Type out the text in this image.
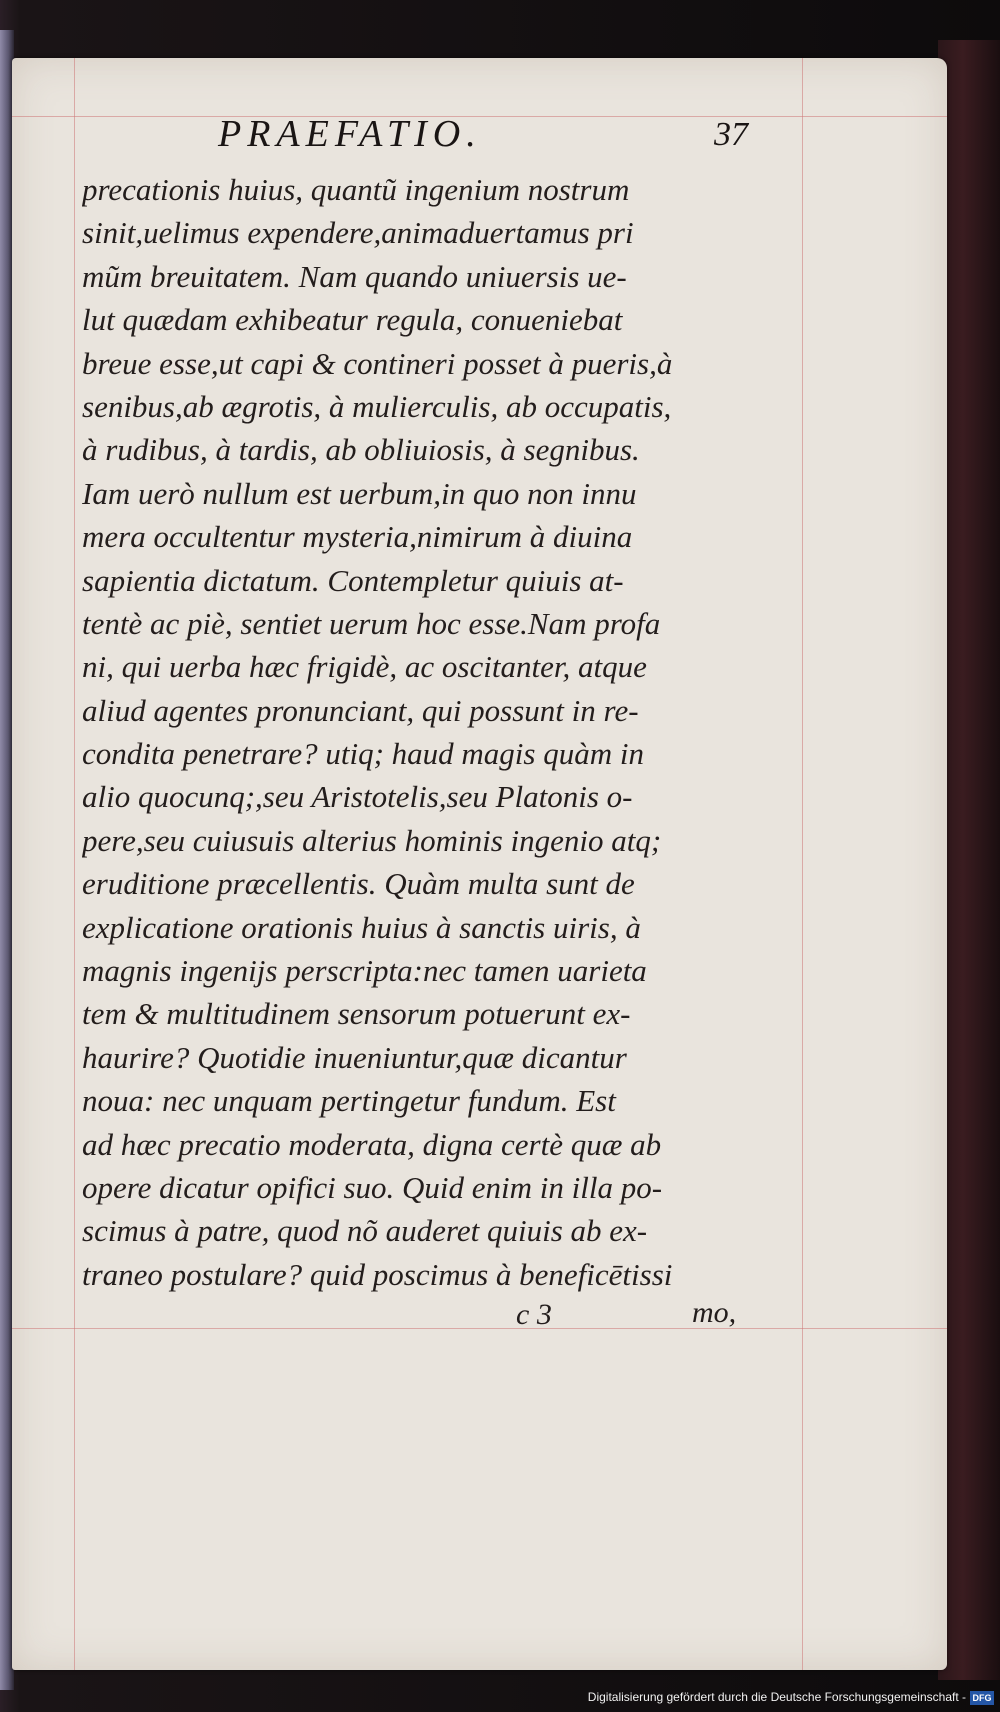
PRAEFATIO.	37
precationis huius, quantũ ingenium nostrum
sinit,uelimus expendere,animaduertamus pri
mũm breuitatem. Nam quando uniuersis ue-
lut quædam exhibeatur regula, conueniebat
breue esse,ut capi & contineri posset à pueris,à
senibus,ab ægrotis, à mulierculis, ab occupatis,
à rudibus, à tardis, ab obliuiosis, à segnibus.
Iam uerò nullum est uerbum,in quo non innu
mera occultentur mysteria,nimirum à diuina
sapientia dictatum. Contempletur quiuis at-
tentè ac piè, sentiet uerum hoc esse.Nam profa
ni, qui uerba hæc frigidè, ac oscitanter, atque
aliud agentes pronunciant, qui possunt in re-
condita penetrare? utiq; haud magis quàm in
alio quocunq;,seu Aristotelis,seu Platonis o-
pere,seu cuiusuis alterius hominis ingenio atq;
eruditione præcellentis. Quàm multa sunt de
explicatione orationis huius à sanctis uiris, à
magnis ingenijs perscripta:nec tamen uarieta
tem & multitudinem sensorum potuerunt ex-
haurire? Quotidie inueniuntur,quæ dicantur
noua: nec unquam pertingetur fundum. Est
ad hæc precatio moderata, digna certè quæ ab
opere dicatur opifici suo. Quid enim in illa po-
scimus à patre, quod nõ auderet quiuis ab ex-
traneo postulare? quid poscimus à beneficētissi
c 3	mo,
Digitalisierung gefördert durch die Deutsche Forschungsgemeinschaft - DFG
